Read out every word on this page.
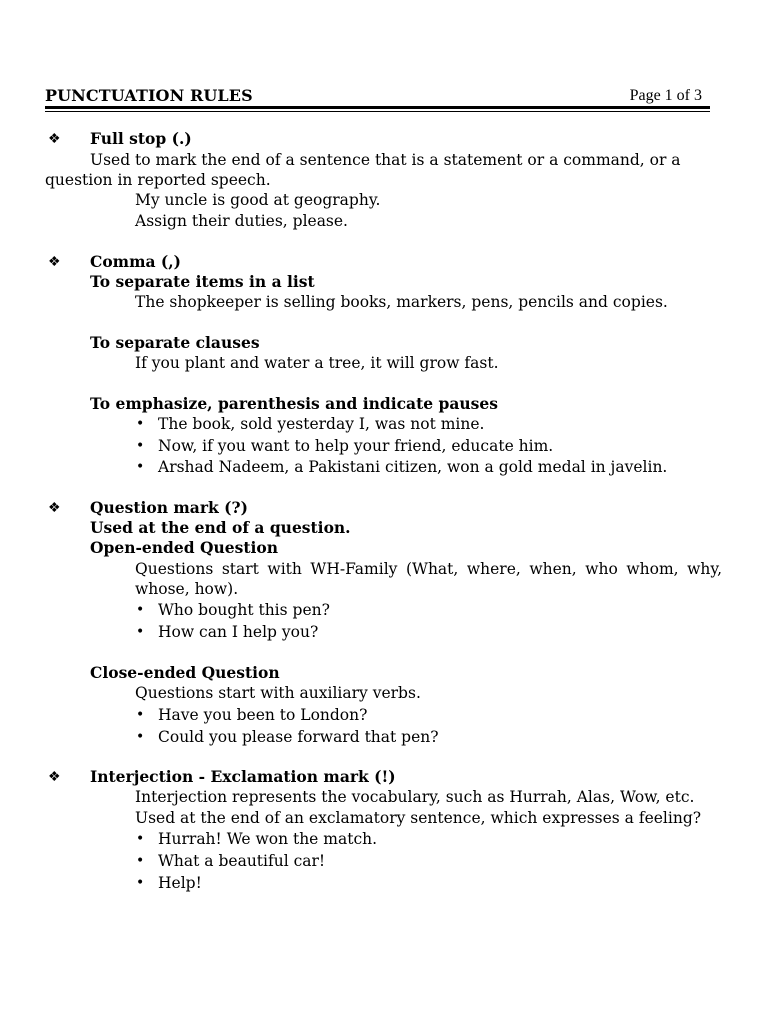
PUNCTUATION RULES	Page 1 of 3
❖ Full stop (.)
Used to mark the end of a sentence that is a statement or a command, or a
question in reported speech.
My uncle is good at geography.
Assign their duties, please.
❖ Comma (,)
To separate items in a list
The shopkeeper is selling books, markers, pens, pencils and copies.
To separate clauses
If you plant and water a tree, it will grow fast.
To emphasize, parenthesis and indicate pauses
• The book, sold yesterday I, was not mine.
• Now, if you want to help your friend, educate him.
• Arshad Nadeem, a Pakistani citizen, won a gold medal in javelin.
❖ Question mark (?)
Used at the end of a question.
Open-ended Question
Questions start with WH-Family (What, where, when, who whom, why,
whose, how).
• Who bought this pen?
• How can I help you?
Close-ended Question
Questions start with auxiliary verbs.
• Have you been to London?
• Could you please forward that pen?
❖ Interjection - Exclamation mark (!)
Interjection represents the vocabulary, such as Hurrah, Alas, Wow, etc.
Used at the end of an exclamatory sentence, which expresses a feeling?
• Hurrah! We won the match.
• What a beautiful car!
• Help!
